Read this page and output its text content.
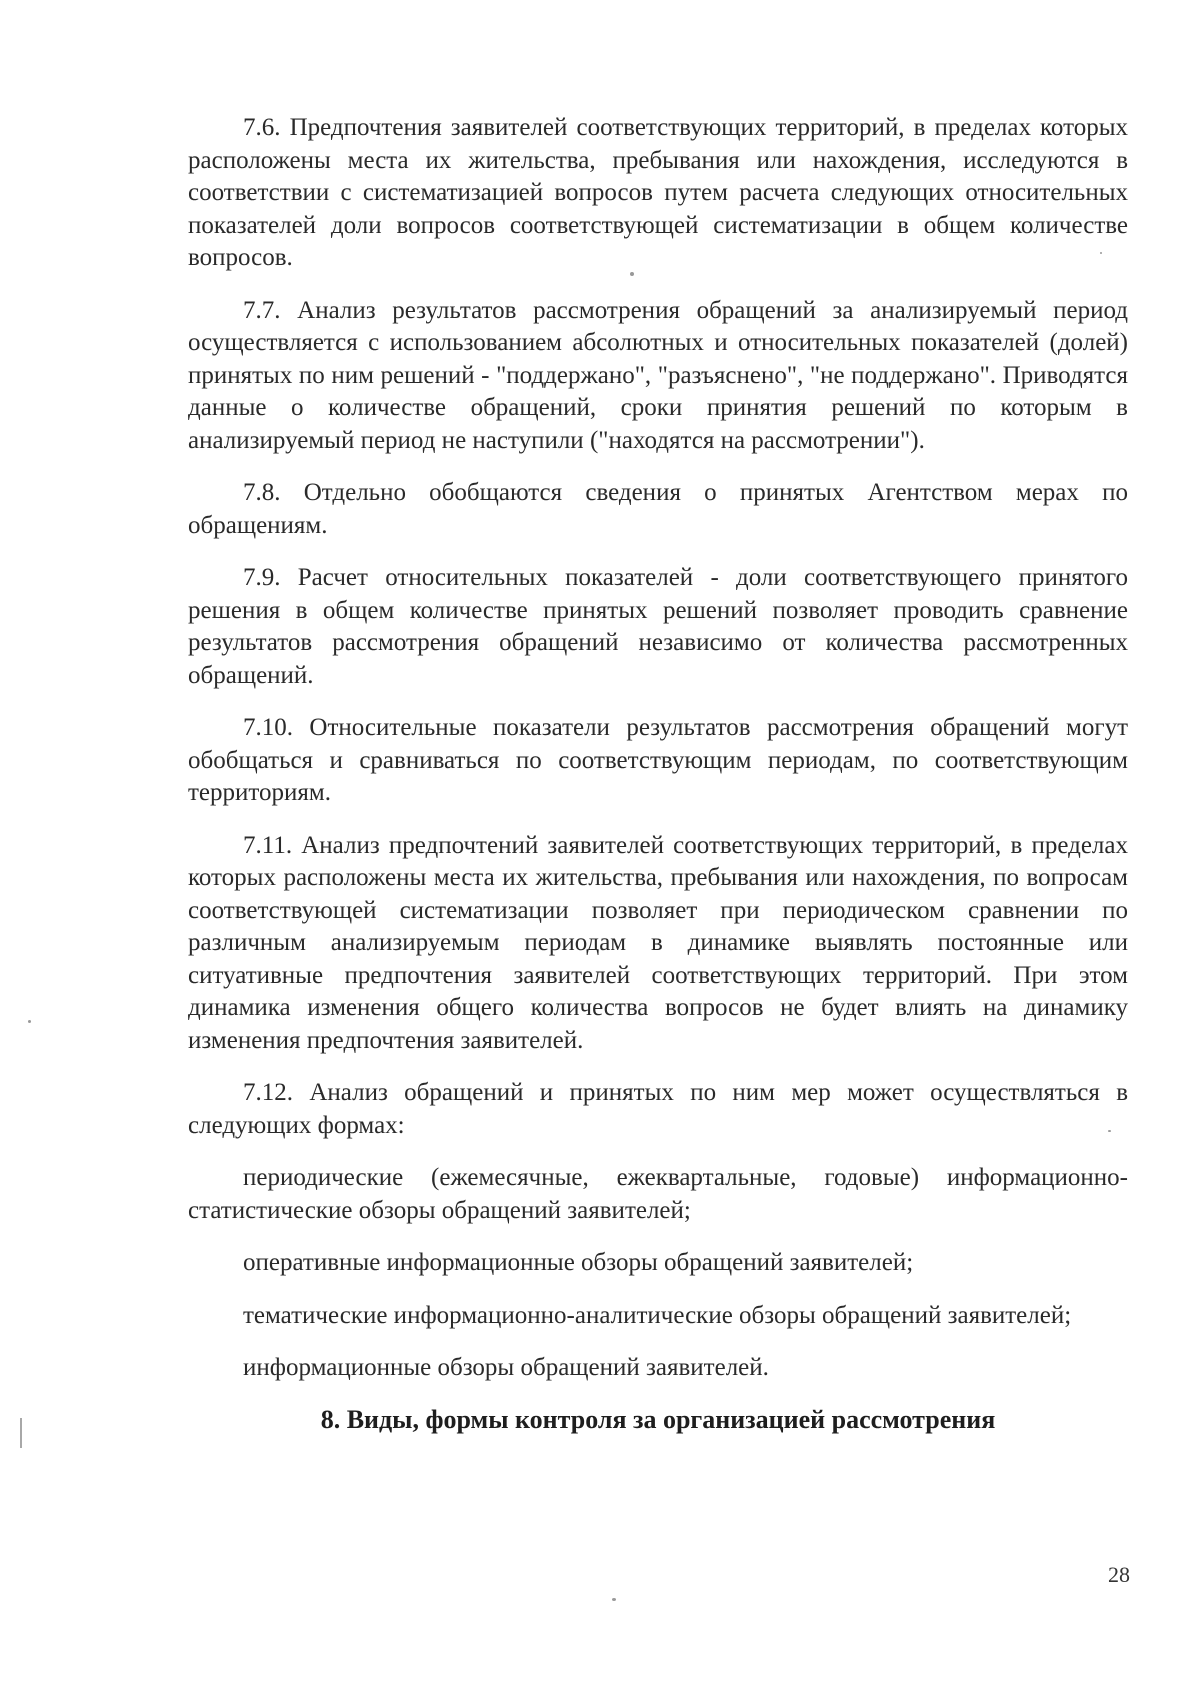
7.6. Предпочтения заявителей соответствующих территорий, в пределах которых расположены места их жительства, пребывания или нахождения, исследуются в соответствии с систематизацией вопросов путем расчета следующих относительных показателей доли вопросов соответствующей систематизации в общем количестве вопросов.

7.7. Анализ результатов рассмотрения обращений за анализируемый период осуществляется с использованием абсолютных и относительных показателей (долей) принятых по ним решений - "поддержано", "разъяснено", "не поддержано". Приводятся данные о количестве обращений, сроки принятия решений по которым в анализируемый период не наступили ("находятся на рассмотрении").

7.8. Отдельно обобщаются сведения о принятых Агентством мерах по обращениям.

7.9. Расчет относительных показателей - доли соответствующего принятого решения в общем количестве принятых решений позволяет проводить сравнение результатов рассмотрения обращений независимо от количества рассмотренных обращений.

7.10. Относительные показатели результатов рассмотрения обращений могут обобщаться и сравниваться по соответствующим периодам, по соответствующим территориям.

7.11. Анализ предпочтений заявителей соответствующих территорий, в пределах которых расположены места их жительства, пребывания или нахождения, по вопросам соответствующей систематизации позволяет при периодическом сравнении по различным анализируемым периодам в динамике выявлять постоянные или ситуативные предпочтения заявителей соответствующих территорий. При этом динамика изменения общего количества вопросов не будет влиять на динамику изменения предпочтения заявителей.

7.12. Анализ обращений и принятых по ним мер может осуществляться в следующих формах:

периодические (ежемесячные, ежеквартальные, годовые) информационно-статистические обзоры обращений заявителей;

оперативные информационные обзоры обращений заявителей;

тематические информационно-аналитические обзоры обращений заявителей;

информационные обзоры обращений заявителей.

8. Виды, формы контроля за организацией рассмотрения
28
